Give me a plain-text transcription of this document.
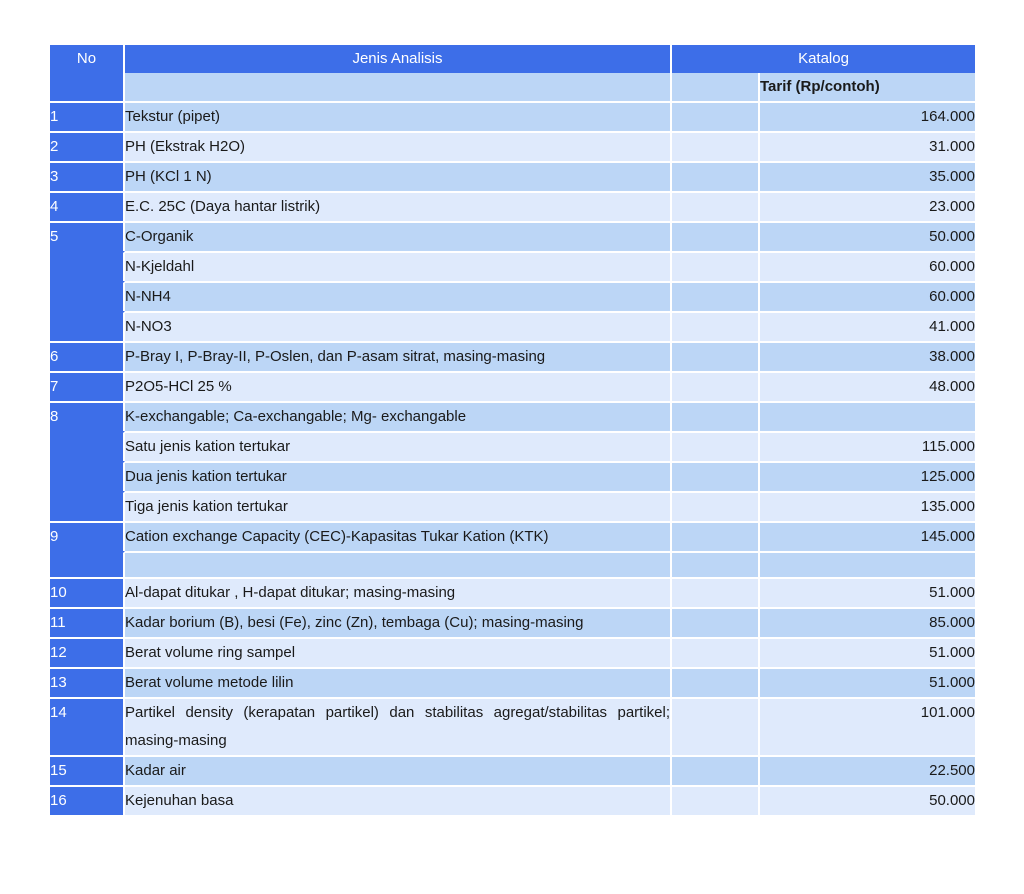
No	Jenis Analisis	Katalog	
			Tarif (Rp/contoh)
1	Tekstur (pipet)		164.000
2	PH (Ekstrak H2O)		31.000
3	PH (KCl 1 N)		35.000
4	E.C. 25C (Daya hantar listrik)		23.000
5	C-Organik		50.000
	N-Kjeldahl		60.000
	N-NH4		60.000
	N-NO3		41.000
6	P-Bray I, P-Bray-II, P-Oslen, dan P-asam sitrat, masing-masing		38.000
7	P2O5-HCl 25 %		48.000
8	K-exchangable; Ca-exchangable; Mg- exchangable		
	Satu jenis kation tertukar		115.000
	Dua jenis kation tertukar		125.000
	Tiga jenis kation tertukar		135.000
9	Cation exchange Capacity (CEC)-Kapasitas Tukar Kation (KTK)		145.000

10	Al-dapat ditukar , H-dapat ditukar; masing-masing		51.000
11	Kadar borium (B), besi (Fe), zinc (Zn), tembaga (Cu); masing-masing		85.000
12	Berat volume ring sampel		51.000
13	Berat volume metode lilin		51.000
14	Partikel density (kerapatan partikel) dan stabilitas agregat/stabilitas partikel; masing-masing		101.000
15	Kadar air		22.500
16	Kejenuhan basa		50.000
